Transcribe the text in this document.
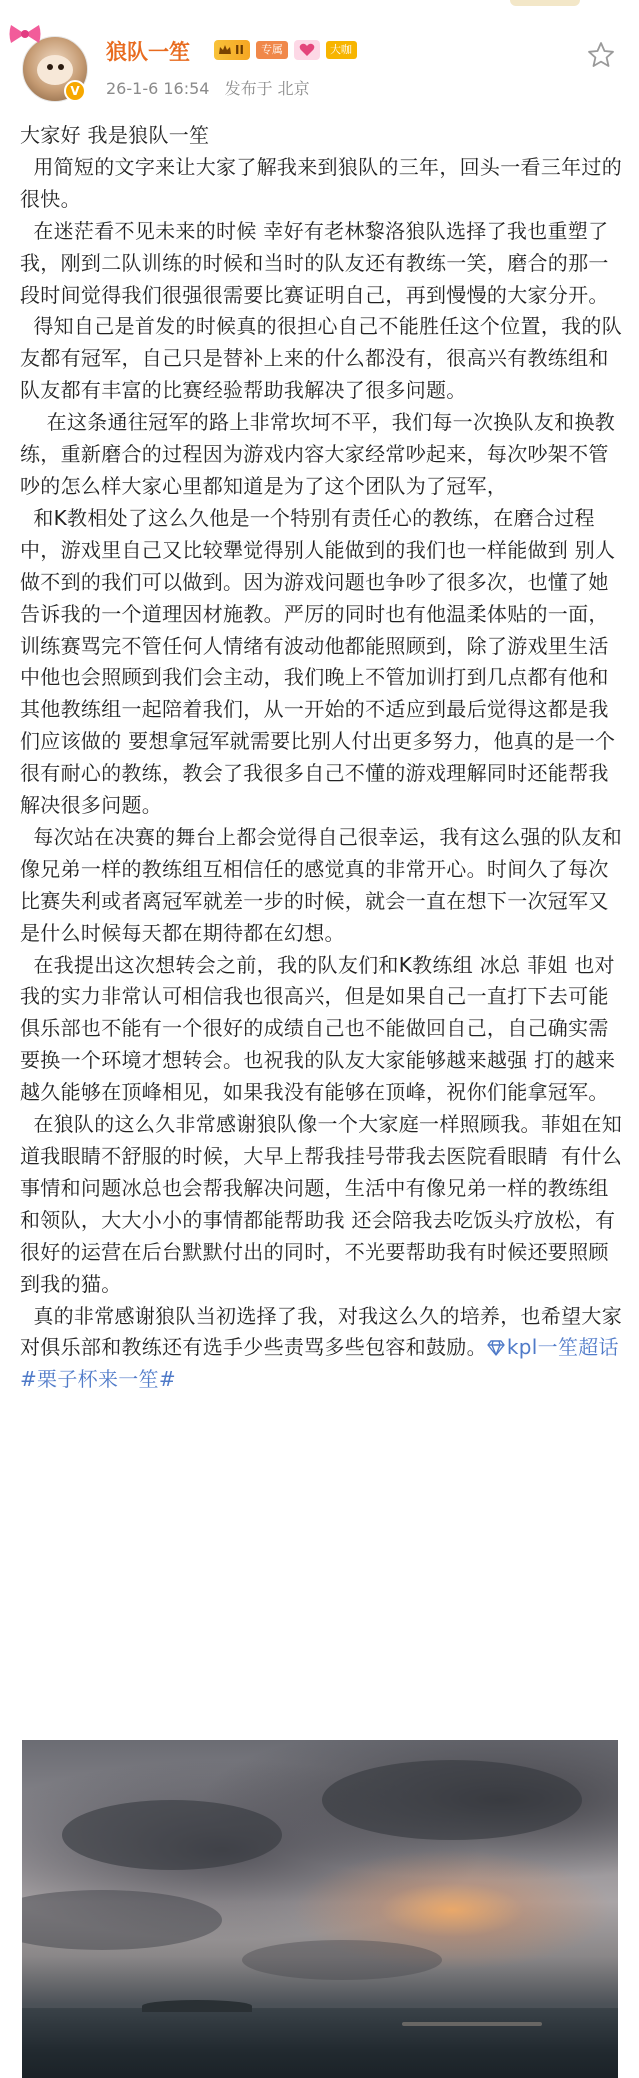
V
狼队一笙	II	专属	大咖
26-1-6 16:54 发布于 北京

大家好 我是狼队一笙

用简短的文字来让大家了解我来到狼队的三年，回头一看三年过的很快。

在迷茫看不见未来的时候 幸好有老林黎洛狼队选择了我也重塑了我，刚到二队训练的时候和当时的队友还有教练一笑，磨合的那一段时间觉得我们很强很需要比赛证明自己，再到慢慢的大家分开。

得知自己是首发的时候真的很担心自己不能胜任这个位置，我的队友都有冠军，自己只是替补上来的什么都没有，很高兴有教练组和队友都有丰富的比赛经验帮助我解决了很多问题。

在这条通往冠军的路上非常坎坷不平，我们每一次换队友和换教练，重新磨合的过程因为游戏内容大家经常吵起来，每次吵架不管吵的怎么样大家心里都知道是为了这个团队为了冠军，

和K教相处了这么久他是一个特别有责任心的教练，在磨合过程中，游戏里自己又比较犟觉得别人能做到的我们也一样能做到 别人做不到的我们可以做到。因为游戏问题也争吵了很多次，也懂了她告诉我的一个道理因材施教。严厉的同时也有他温柔体贴的一面，训练赛骂完不管任何人情绪有波动他都能照顾到，除了游戏里生活中他也会照顾到我们会主动，我们晚上不管加训打到几点都有他和其他教练组一起陪着我们，从一开始的不适应到最后觉得这都是我们应该做的 要想拿冠军就需要比别人付出更多努力，他真的是一个很有耐心的教练，教会了我很多自己不懂的游戏理解同时还能帮我解决很多问题。

每次站在决赛的舞台上都会觉得自己很幸运，我有这么强的队友和像兄弟一样的教练组互相信任的感觉真的非常开心。时间久了每次比赛失利或者离冠军就差一步的时候，就会一直在想下一次冠军又是什么时候每天都在期待都在幻想。

在我提出这次想转会之前，我的队友们和K教练组 冰总 菲姐 也对我的实力非常认可相信我也很高兴，但是如果自己一直打下去可能俱乐部也不能有一个很好的成绩自己也不能做回自己，自己确实需要换一个环境才想转会。也祝我的队友大家能够越来越强 打的越来越久能够在顶峰相见，如果我没有能够在顶峰，祝你们能拿冠军。

在狼队的这么久非常感谢狼队像一个大家庭一样照顾我。菲姐在知道我眼睛不舒服的时候，大早上帮我挂号带我去医院看眼睛  有什么事情和问题冰总也会帮我解决问题，生活中有像兄弟一样的教练组和领队，大大小小的事情都能帮助我 还会陪我去吃饭头疗放松，有很好的运营在后台默默付出的同时，不光要帮助我有时候还要照顾到我的猫。

真的非常感谢狼队当初选择了我，对我这么久的培养，也希望大家对俱乐部和教练还有选手少些责骂多些包容和鼓励。 kpl一笙超话 #栗子杯来一笙#
